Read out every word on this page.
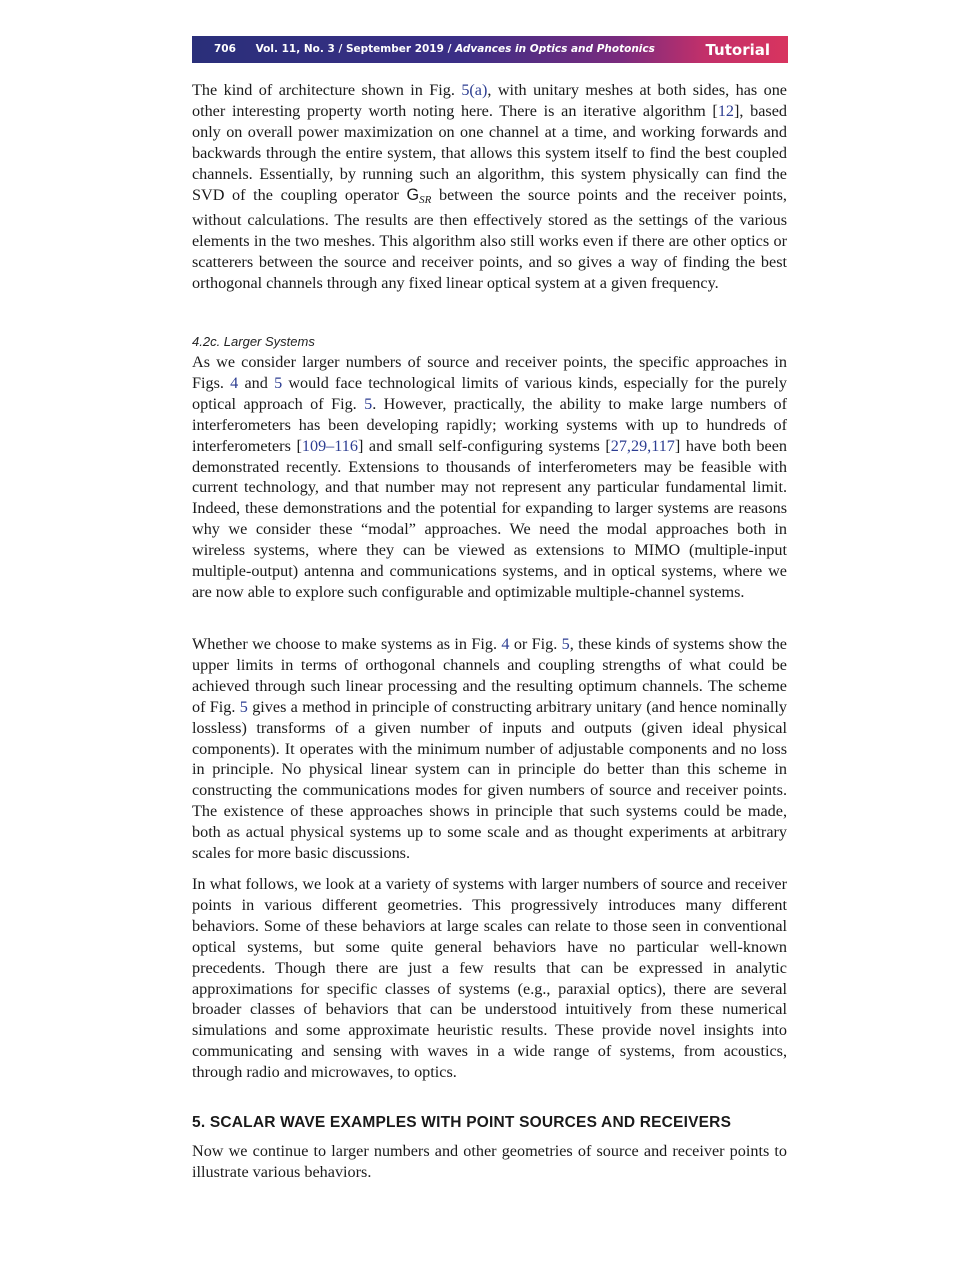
706 Vol. 11, No. 3 / September 2019 / Advances in Optics and Photonics	Tutorial

The kind of architecture shown in Fig. 5(a), with unitary meshes at both sides, has one other interesting property worth noting here. There is an iterative algorithm [12], based only on overall power maximization on one channel at a time, and working forwards and backwards through the entire system, that allows this system itself to find the best coupled channels. Essentially, by running such an algorithm, this system physically can find the SVD of the coupling operator $G_{SR}$ between the source points and the receiver points, without calculations. The results are then effectively stored as the settings of the various elements in the two meshes. This algorithm also still works even if there are other optics or scatterers between the source and receiver points, and so gives a way of finding the best orthogonal channels through any fixed linear optical system at a given frequency.

4.2c. Larger Systems

As we consider larger numbers of source and receiver points, the specific approaches in Figs. 4 and 5 would face technological limits of various kinds, especially for the purely optical approach of Fig. 5. However, practically, the ability to make large numbers of interferometers has been developing rapidly; working systems with up to hundreds of interferometers [109–116] and small self-configuring systems [27,29,117] have both been demonstrated recently. Extensions to thousands of interferometers may be feasible with current technology, and that number may not represent any particular fundamental limit. Indeed, these demonstrations and the potential for expanding to larger systems are reasons why we consider these “modal” approaches. We need the modal approaches both in wireless systems, where they can be viewed as extensions to MIMO (multiple-input multiple-output) antenna and communications systems, and in optical systems, where we are now able to explore such configurable and optimizable multiple-channel systems.

Whether we choose to make systems as in Fig. 4 or Fig. 5, these kinds of systems show the upper limits in terms of orthogonal channels and coupling strengths of what could be achieved through such linear processing and the resulting optimum channels. The scheme of Fig. 5 gives a method in principle of constructing arbitrary unitary (and hence nominally lossless) transforms of a given number of inputs and outputs (given ideal physical components). It operates with the minimum number of adjustable components and no loss in principle. No physical linear system can in principle do better than this scheme in constructing the communications modes for given numbers of source and receiver points. The existence of these approaches shows in principle that such systems could be made, both as actual physical systems up to some scale and as thought experiments at arbitrary scales for more basic discussions.

In what follows, we look at a variety of systems with larger numbers of source and receiver points in various different geometries. This progressively introduces many different behaviors. Some of these behaviors at large scales can relate to those seen in conventional optical systems, but some quite general behaviors have no particular well-known precedents. Though there are just a few results that can be expressed in analytic approximations for specific classes of systems (e.g., paraxial optics), there are several broader classes of behaviors that can be understood intuitively from these numerical simulations and some approximate heuristic results. These provide novel insights into communicating and sensing with waves in a wide range of systems, from acoustics, through radio and microwaves, to optics.

5. SCALAR WAVE EXAMPLES WITH POINT SOURCES AND RECEIVERS

Now we continue to larger numbers and other geometries of source and receiver points to illustrate various behaviors.
